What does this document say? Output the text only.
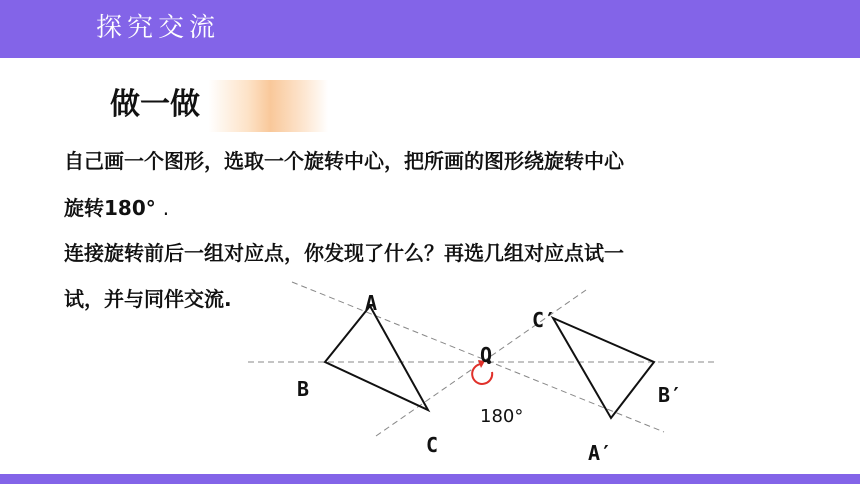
探究交流
做一做
自己画一个图形，选取一个旋转中心，把所画的图形绕旋转中心
旋转180° .
连接旋转前后一组对应点，你发现了什么？再选几组对应点试一
试，并与同伴交流.	A
B
C
O
C′
B′
A′
180°
